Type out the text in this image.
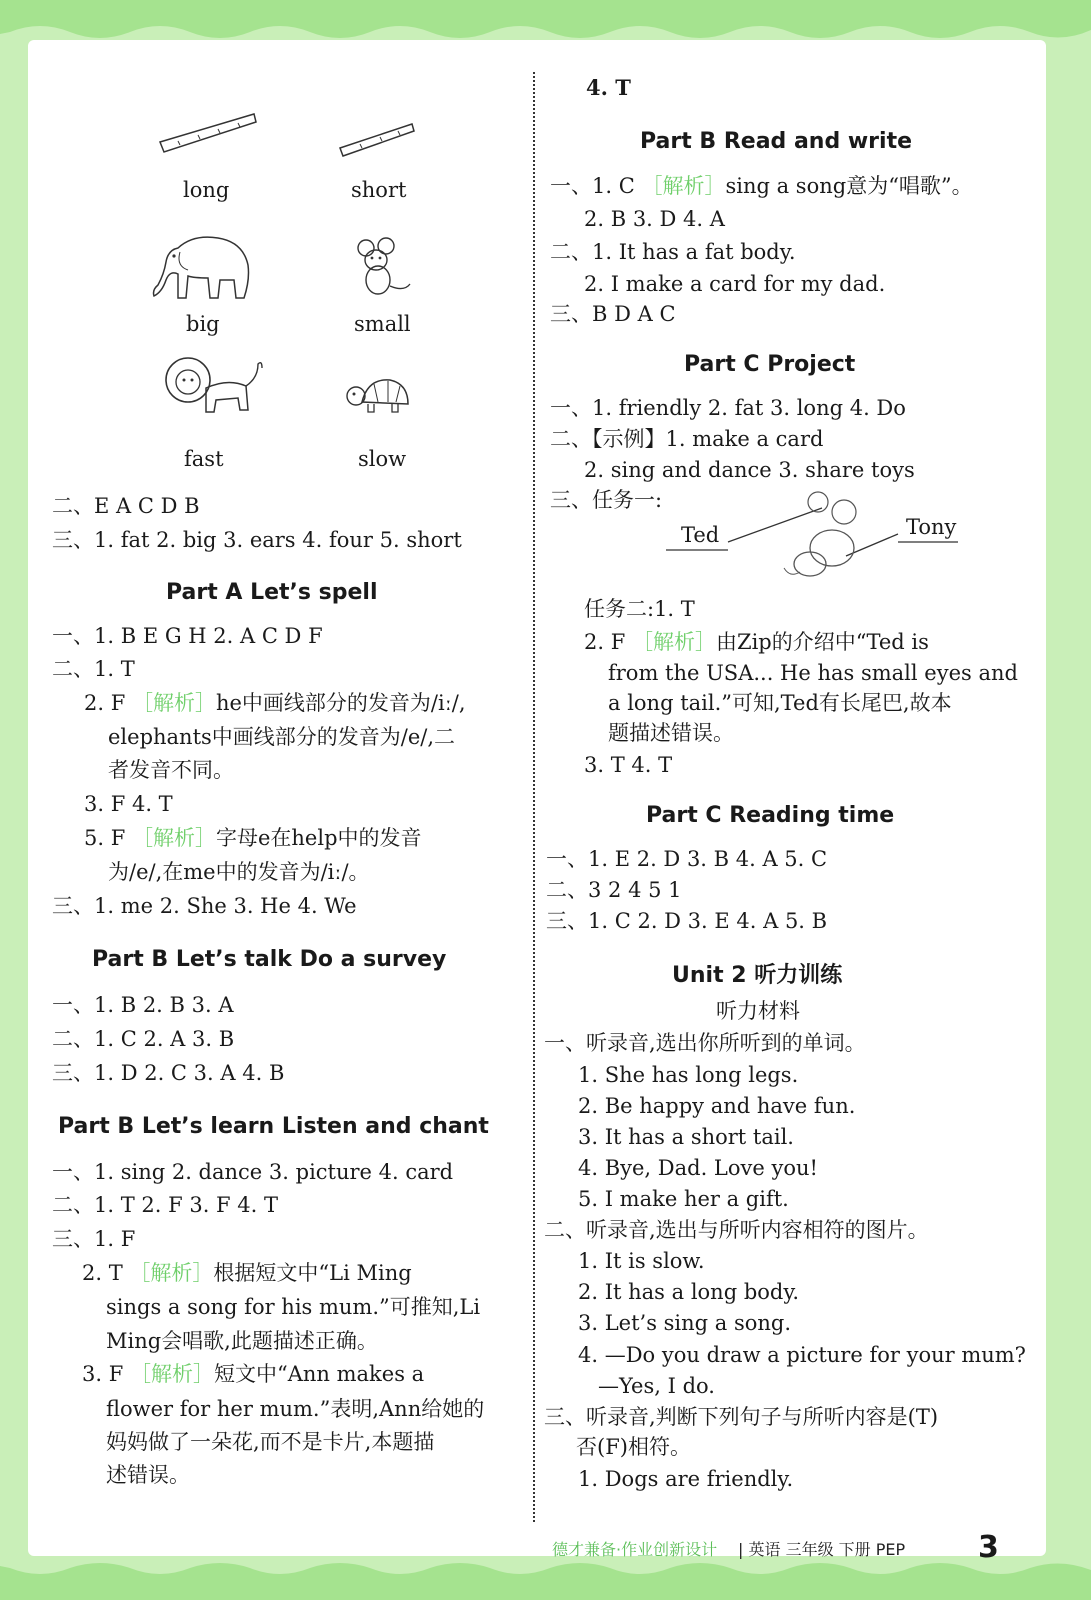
long	short
big	small
fast	slow
二、E A C D B
三、1. fat 2. big 3. ears 4. four 5. short
Part A Let’s spell
一、1. B E G H 2. A C D F
二、1. T
2. F ［解析］he中画线部分的发音为/iː/,
elephants中画线部分的发音为/e/,二
者发音不同。
3. F 4. T
5. F ［解析］字母e在help中的发音
为/e/,在me中的发音为/iː/。
三、1. me 2. She 3. He 4. We
Part B Let’s talk Do a survey
一、1. B 2. B 3. A
二、1. C 2. A 3. B
三、1. D 2. C 3. A 4. B
Part B Let’s learn Listen and chant
一、1. sing 2. dance 3. picture 4. card
二、1. T 2. F 3. F 4. T
三、1. F
2. T ［解析］根据短文中“Li Ming
sings a song for his mum.”可推知,Li
Ming会唱歌,此题描述正确。
3. F ［解析］短文中“Ann makes a
flower for her mum.”表明,Ann给她的
妈妈做了一朵花,而不是卡片,本题描
述错误。
4. T
Part B Read and write
一、1. C ［解析］sing a song意为“唱歌”。
2. B 3. D 4. A
二、1. It has a fat body.
2. I make a card for my dad.
三、B D A C
Part C Project
一、1. friendly 2. fat 3. long 4. Do
二、【示例】1. make a card
2. sing and dance 3. share toys
三、任务一:
Ted	Tony
任务二:1. T
2. F ［解析］由Zip的介绍中“Ted is
from the USA... He has small eyes and
a long tail.”可知,Ted有长尾巴,故本
题描述错误。
3. T 4. T
Part C Reading time
一、1. E 2. D 3. B 4. A 5. C
二、3 2 4 5 1
三、1. C 2. D 3. E 4. A 5. B
Unit 2 听力训练
听力材料
一、听录音,选出你所听到的单词。
1. She has long legs.
2. Be happy and have fun.
3. It has a short tail.
4. Bye, Dad. Love you!
5. I make her a gift.
二、听录音,选出与所听内容相符的图片。
1. It is slow.
2. It has a long body.
3. Let’s sing a song.
4. —Do you draw a picture for your mum?
—Yes, I do.
三、听录音,判断下列句子与所听内容是(T)
否(F)相符。
1. Dogs are friendly.
德才兼备·作业创新设计 | 英语 三年级 下册 PEP 3
